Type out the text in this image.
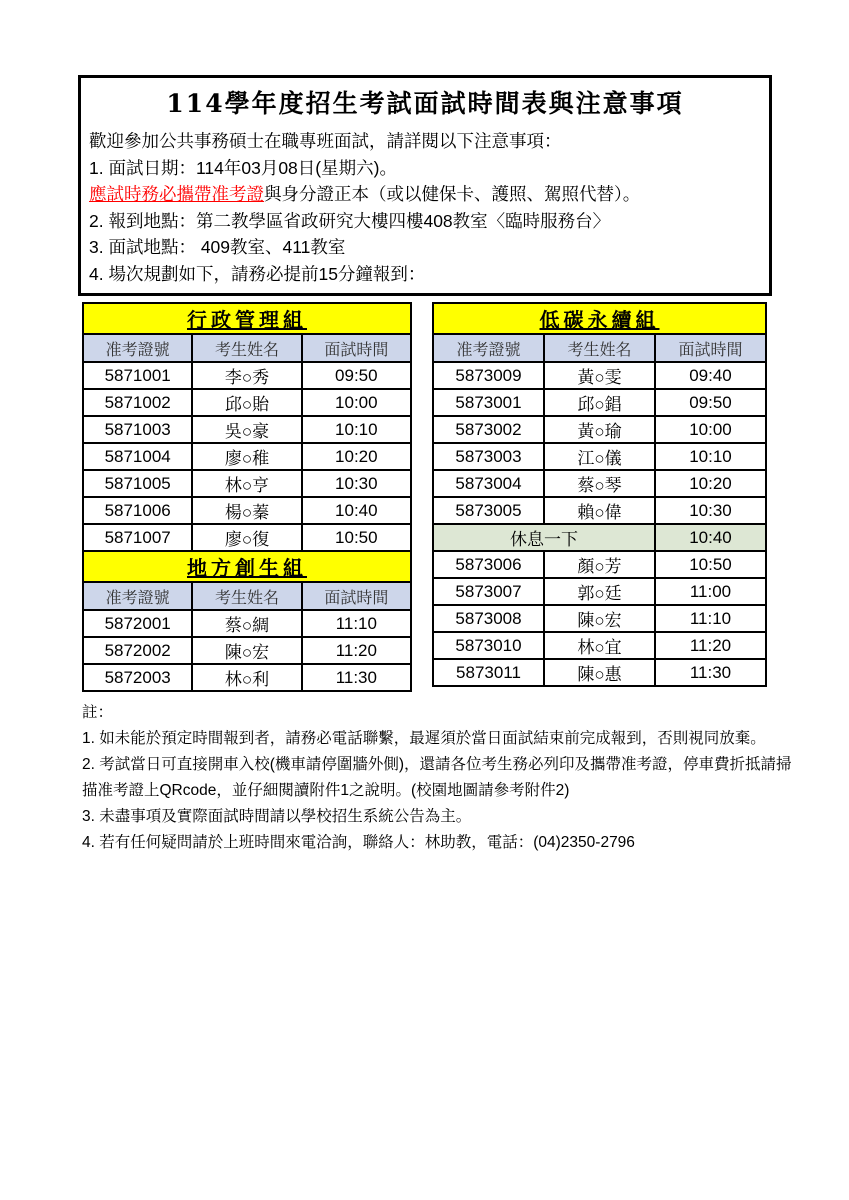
114學年度招生考試面試時間表與注意事項
歡迎參加公共事務碩士在職專班面試，請詳閱以下注意事項：
1. 面試日期：114年03月08日(星期六)。
應試時務必攜帶准考證與身分證正本（或以健保卡、護照、駕照代替）。
2. 報到地點：第二教學區省政研究大樓四樓408教室〈臨時服務台〉
3. 面試地點： 409教室、411教室
4. 場次規劃如下，請務必提前15分鐘報到：
行政管理組		
准考證號	考生姓名	面試時間
5871001	李○秀	09:50
5871002	邱○貽	10:00
5871003	吳○豪	10:10
5871004	廖○稚	10:20
5871005	林○亨	10:30
5871006	楊○蓁	10:40
5871007	廖○復	10:50
地方創生組		
准考證號	考生姓名	面試時間
5872001	蔡○綢	11:10
5872002	陳○宏	11:20
5872003	林○利	11:30
低碳永續組		
准考證號	考生姓名	面試時間
5873009	黃○雯	09:40
5873001	邱○錩	09:50
5873002	黃○瑜	10:00
5873003	江○儀	10:10
5873004	蔡○琴	10:20
5873005	賴○偉	10:30
休息一下		10:40
5873006	顏○芳	10:50
5873007	郭○廷	11:00
5873008	陳○宏	11:10
5873010	林○宜	11:20
5873011	陳○惠	11:30
註：
1. 如未能於預定時間報到者，請務必電話聯繫，最遲須於當日面試結束前完成報到，否則視同放棄。
2. 考試當日可直接開車入校(機車請停圍牆外側)，還請各位考生務必列印及攜帶准考證，停車費折抵請掃描准考證上QRcode，並仔細閱讀附件1之說明。(校園地圖請參考附件2)
3. 未盡事項及實際面試時間請以學校招生系統公告為主。
4. 若有任何疑問請於上班時間來電洽詢，聯絡人：林助教，電話：(04)2350-2796
